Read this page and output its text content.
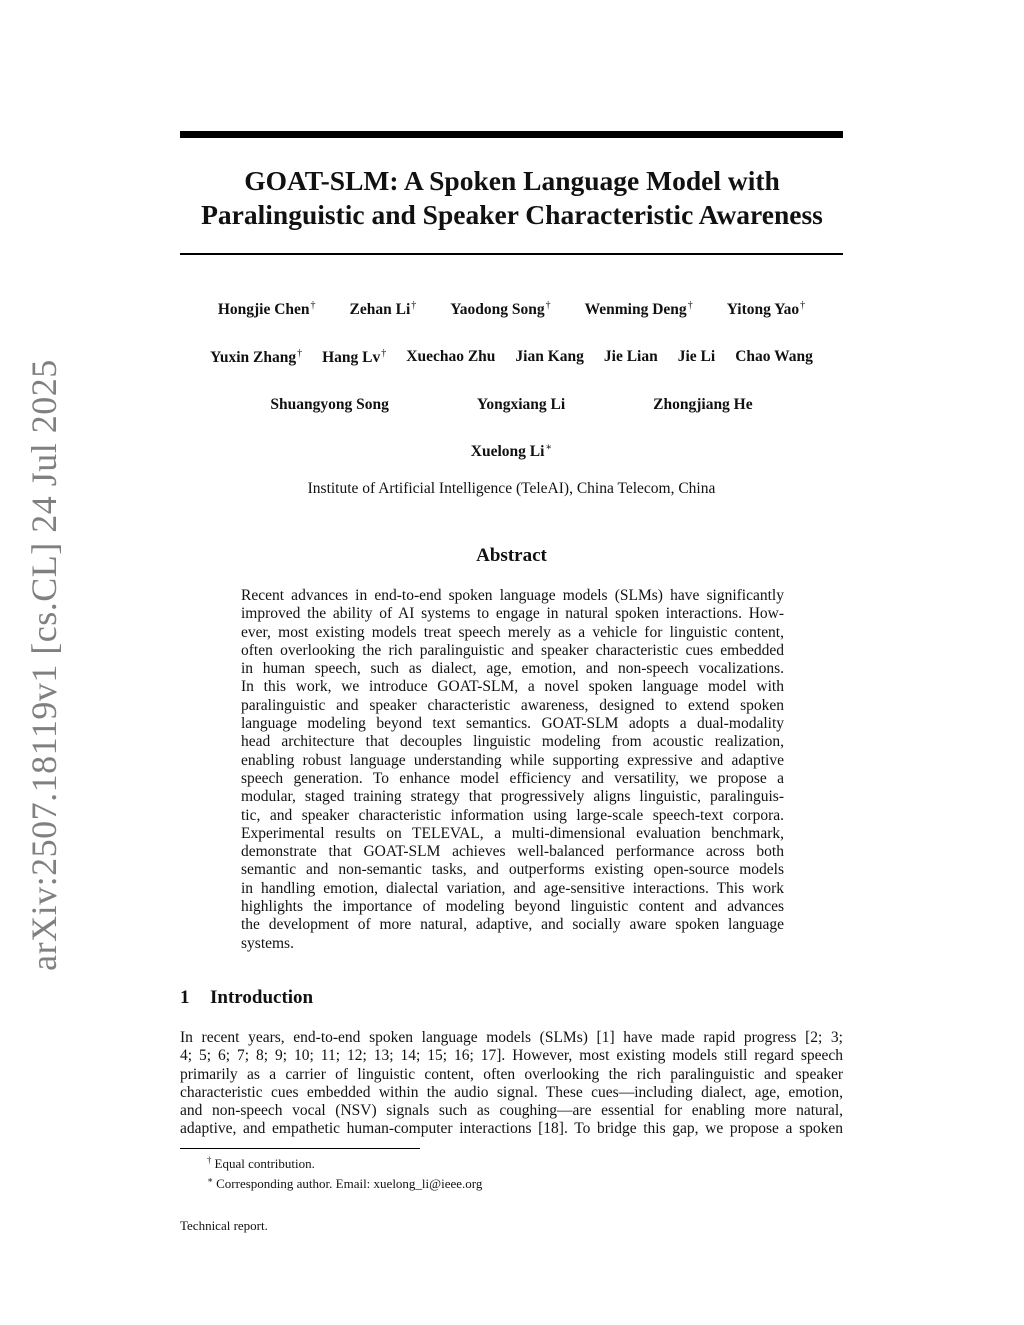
arXiv:2507.18119v1 [cs.CL] 24 Jul 2025
GOAT-SLM: A Spoken Language Model with
Paralinguistic and Speaker Characteristic Awareness
Hongjie Chen† Zehan Li† Yaodong Song† Wenming Deng† Yitong Yao†
Yuxin Zhang† Hang Lv† Xuechao Zhu Jian Kang Jie Lian Jie Li Chao Wang
Shuangyong Song	Yongxiang Li	Zhongjiang He
Xuelong Li∗
Institute of Artificial Intelligence (TeleAI), China Telecom, China
Abstract
Recent advances in end-to-end spoken language models (SLMs) have significantly
improved the ability of AI systems to engage in natural spoken interactions. How-
ever, most existing models treat speech merely as a vehicle for linguistic content,
often overlooking the rich paralinguistic and speaker characteristic cues embedded
in human speech, such as dialect, age, emotion, and non-speech vocalizations.
In this work, we introduce GOAT-SLM, a novel spoken language model with
paralinguistic and speaker characteristic awareness, designed to extend spoken
language modeling beyond text semantics. GOAT-SLM adopts a dual-modality
head architecture that decouples linguistic modeling from acoustic realization,
enabling robust language understanding while supporting expressive and adaptive
speech generation. To enhance model efficiency and versatility, we propose a
modular, staged training strategy that progressively aligns linguistic, paralinguis-
tic, and speaker characteristic information using large-scale speech-text corpora.
Experimental results on TELEVAL, a multi-dimensional evaluation benchmark,
demonstrate that GOAT-SLM achieves well-balanced performance across both
semantic and non-semantic tasks, and outperforms existing open-source models
in handling emotion, dialectal variation, and age-sensitive interactions. This work
highlights the importance of modeling beyond linguistic content and advances
the development of more natural, adaptive, and socially aware spoken language
systems.
1 Introduction
In recent years, end-to-end spoken language models (SLMs) [1] have made rapid progress [2; 3;
4; 5; 6; 7; 8; 9; 10; 11; 12; 13; 14; 15; 16; 17]. However, most existing models still regard speech
primarily as a carrier of linguistic content, often overlooking the rich paralinguistic and speaker
characteristic cues embedded within the audio signal. These cues—including dialect, age, emotion,
and non-speech vocal (NSV) signals such as coughing—are essential for enabling more natural,
adaptive, and empathetic human-computer interactions [18]. To bridge this gap, we propose a spoken
† Equal contribution.
∗ Corresponding author. Email: xuelong_li@ieee.org
Technical report.
